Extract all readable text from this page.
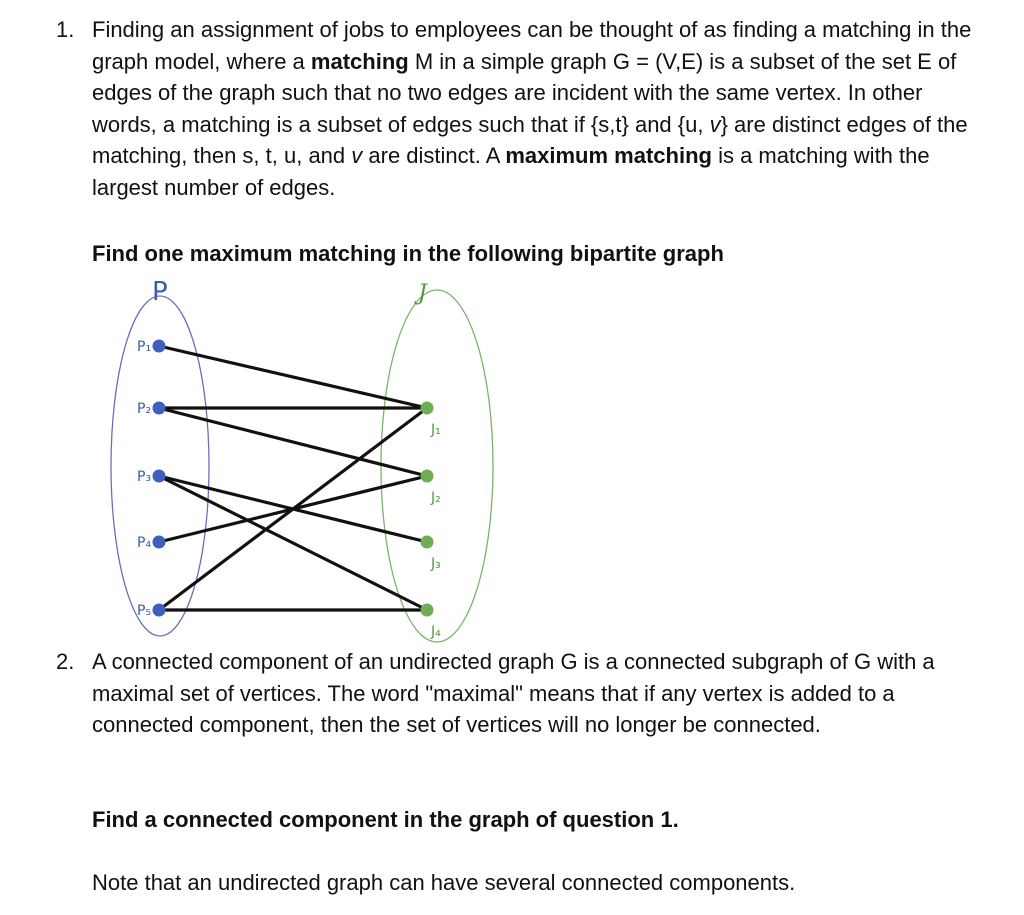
1. Finding an assignment of jobs to employees can be thought of as finding a matching in the graph model, where a matching M in a simple graph G = (V,E) is a subset of the set E of edges of the graph such that no two edges are incident with the same vertex. In other words, a matching is a subset of edges such that if {s,t} and {u, v} are distinct edges of the matching, then s, t, u, and v are distinct. A maximum matching is a matching with the largest number of edges.

Find one maximum matching in the following bipartite graph
P	J
P₁
P₂
P₃
P₄
P₅
J₁
J₂
J₃
J₄
2. A connected component of an undirected graph G is a connected subgraph of G with a maximal set of vertices. The word "maximal" means that if any vertex is added to a connected component, then the set of vertices will no longer be connected.

Find a connected component in the graph of question 1.
Note that an undirected graph can have several connected components.
